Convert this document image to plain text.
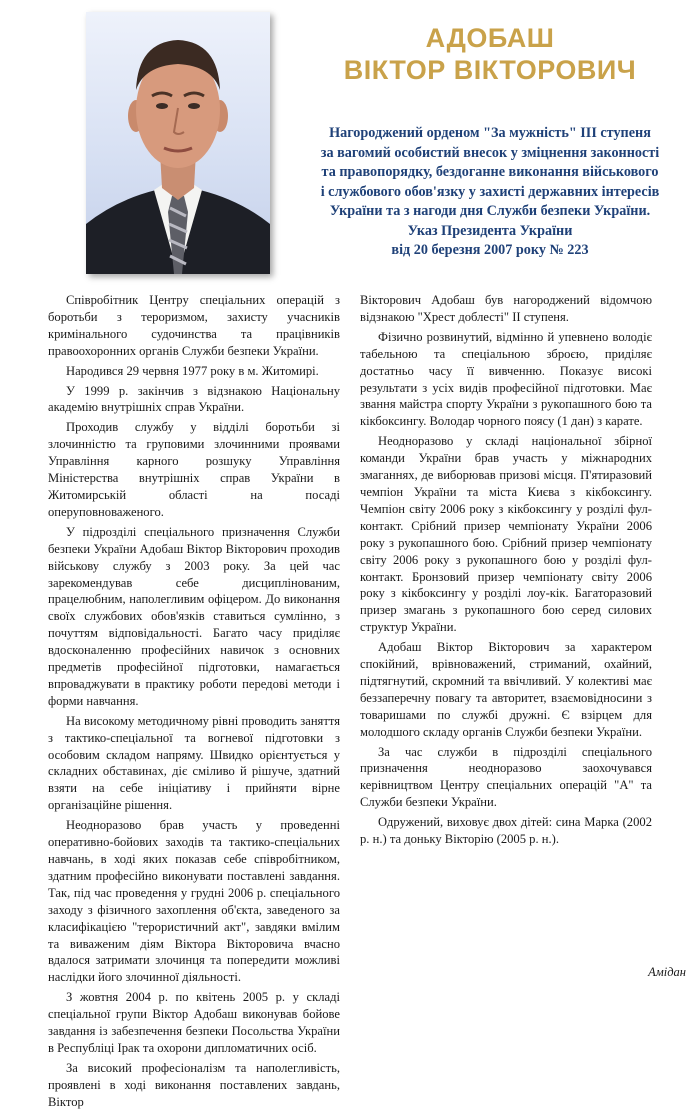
АДОБАШ
ВІКТОР ВІКТОРОВИЧ
Нагороджений орденом "За мужність" ІІІ ступеня
за вагомий особистий внесок у зміцнення законності
та правопорядку, бездоганне виконання військового
і службового обов'язку у захисті державних інтересів
України та з нагоди дня Служби безпеки України.
Указ Президента України
від 20 березня 2007 року № 223

Співробітник Центру спеціальних операцій з боротьби з тероризмом, захисту учасників кримінального судочинства та працівників правоохоронних органів Служби безпеки України.

Народився 29 червня 1977 року в м. Житомирі.

У 1999 р. закінчив з відзнакою Національну академію внутрішніх справ України.

Проходив службу у відділі боротьби зі злочинністю та груповими злочинними проявами Управління карного розшуку Управління Міністерства внутрішніх справ України в Житомирській області на посаді оперуповноваженого.

У підрозділі спеціального призначення Служби безпеки України Адобаш Віктор Вікторович проходив військову службу з 2003 року. За цей час зарекомендував себе дисциплінованим, працелюбним, наполегливим офіцером. До виконання своїх службових обов'язків ставиться сумлінно, з почуттям відповідальності. Багато часу приділяє вдосконаленню професійних навичок з основних предметів професійної підготовки, намагається впроваджувати в практику роботи передові методи і форми навчання.

На високому методичному рівні проводить заняття з тактико-спеціальної та вогневої підготовки з особовим складом напряму. Швидко орієнтується у складних обставинах, діє сміливо й рішуче, здатний взяти на себе ініціативу і прийняти вірне організаційне рішення.

Неодноразово брав участь у проведенні оперативно-бойових заходів та тактико-спеціальних навчань, в ході яких показав себе співробітником, здатним професійно виконувати поставлені завдання. Так, під час проведення у грудні 2006 р. спеціального заходу з фізичного захоплення об'єкта, заведеного за класифікацією "терористичний акт", завдяки вмілим та виваженим діям Віктора Вікторовича вчасно вдалося затримати злочинця та попередити можливі наслідки його злочинної діяльності.

З жовтня 2004 р. по квітень 2005 р. у складі спеціальної групи Віктор Адобаш виконував бойове завдання із забезпечення безпеки Посольства України в Республіці Ірак та охорони дипломатичних осіб.

За високий професіоналізм та наполегливість, проявлені в ході виконання поставлених завдань, Віктор

Вікторович Адобаш був нагороджений відомчою відзнакою "Хрест доблесті" ІІ ступеня.

Фізично розвинутий, відмінно й упевнено володіє табельною та спеціальною зброєю, приділяє достатньо часу її вивченню. Показує високі результати з усіх видів професійної підготовки. Має звання майстра спорту України з рукопашного бою та кікбоксингу. Володар чорного поясу (1 дан) з карате.

Неодноразово у складі національної збірної команди України брав участь у міжнародних змаганнях, де виборював призові місця. П'ятиразовий чемпіон України та міста Києва з кікбоксингу. Чемпіон світу 2006 року з кікбоксингу у розділі фул-контакт. Срібний призер чемпіонату України 2006 року з рукопашного бою. Срібний призер чемпіонату світу 2006 року з рукопашного бою у розділі фул-контакт. Бронзовий призер чемпіонату світу 2006 року з кікбоксингу у розділі лоу-кік. Багаторазовий призер змагань з рукопашного бою серед силових структур України.

Адобаш Віктор Вікторович за характером спокійний, врівноважений, стриманий, охайний, підтягнутий, скромний та ввічливий. У колективі має беззаперечну повагу та авторитет, взаємовідносини з товаришами по службі дружні. Є взірцем для молодшого складу органів Служби безпеки України.

За час служби в підрозділі спеціального призначення неодноразово заохочувався керівництвом Центру спеціальних операцій "А" та Служби безпеки України.

Одружений, виховує двох дітей: сина Марка (2002 р. н.) та доньку Вікторію (2005 р. н.).

Амідан
